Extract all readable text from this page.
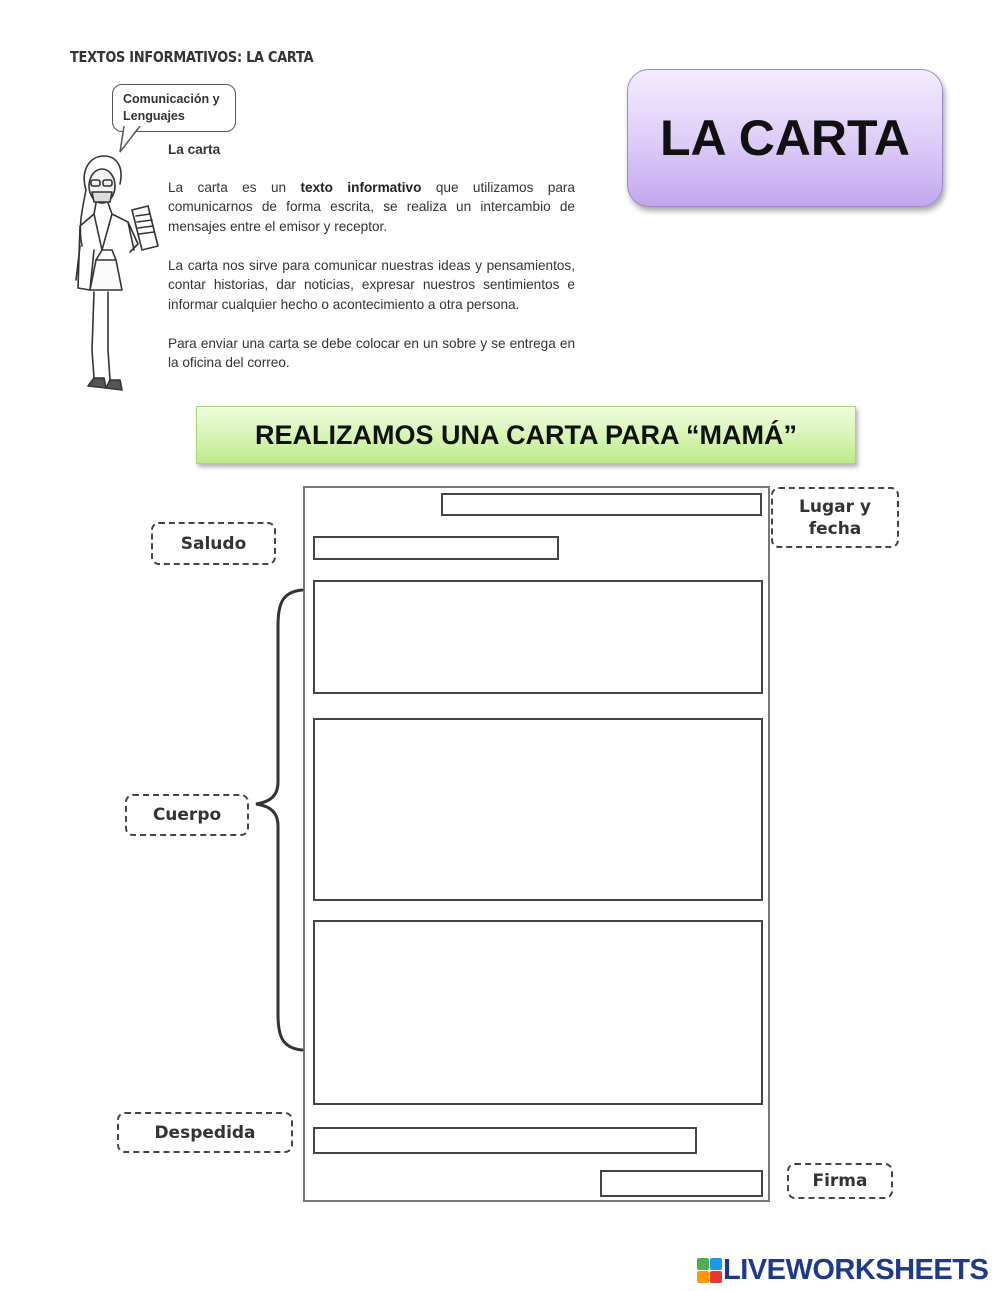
TEXTOS INFORMATIVOS: LA CARTA
Comunicación y Lenguajes
La carta

La carta es un texto informativo que utilizamos para comunicarnos de forma escrita, se realiza un intercambio de mensajes entre el emisor y receptor.

La carta nos sirve para comunicar nuestras ideas y pensamientos, contar historias, dar noticias, expresar nuestros sentimientos e informar cualquier hecho o acontecimiento a otra persona.

Para enviar una carta se debe colocar en un sobre y se entrega en la oficina del correo.

LA CARTA
REALIZAMOS UNA CARTA PARA “MAMÁ”
Lugar y fecha
Saludo
Cuerpo
Despedida
Firma
LIVEWORKSHEETS
